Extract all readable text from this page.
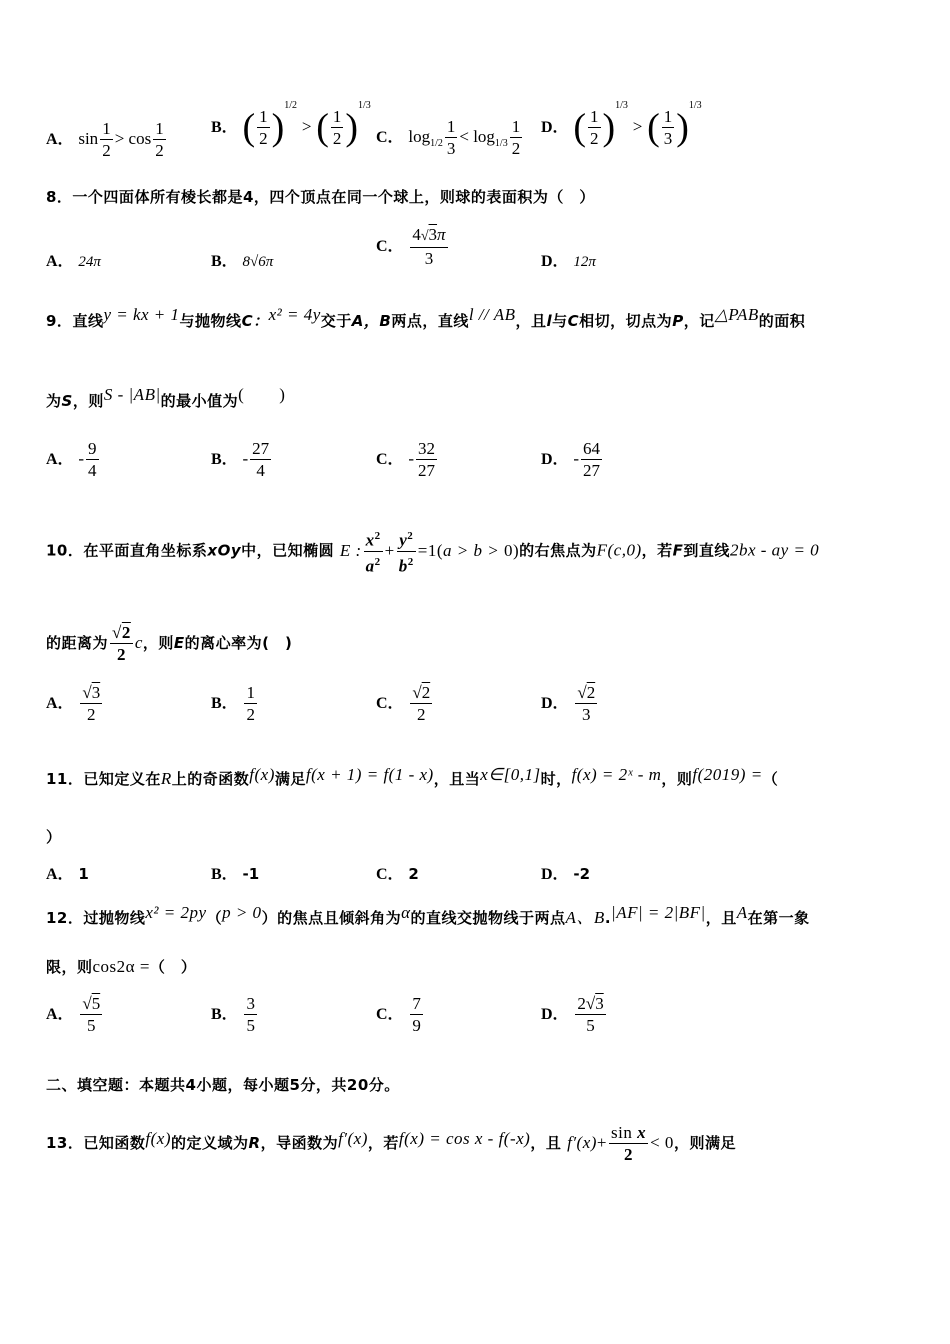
A． $\sin \frac{1}{2} > \cos \frac{1}{2}$	B． ( $\frac{1}{2} )^{1/2}$ > ( $\frac{1}{2} )^{1/3}$
C． $\log_{1/2} \frac{1}{3} < \log_{1/3} \frac{1}{2}$ D． ( $\frac{1}{2} )^{1/3}$ > ( $\frac{1}{3} )^{1/3}$
8．一个四面体所有棱长都是4，四个顶点在同一个球上，则球的表面积为（　）
A． 24π	B． 8√6π
C． $\frac{4√3\pi}{3}$	D． 12π
9．直线y = kx + 1与抛物线C：x² = 4y交于A，B两点，直线l // AB，且l与C相切，切点为P，记△PAB的面积
为S，则S - |AB|的最小值为(　　)
A． - $\frac{9}{4}$	B． - $\frac{27}{4}$	C． - $\frac{32}{27}$	D． - $\frac{64}{27}$
10．在平面直角坐标系xOy中，已知椭圆 E : $\frac{x^2}{a^2} + \frac{y^2}{b^2} =1(a > b > 0)$的右焦点为F(c,0)，若F到直线2bx - ay = 0
的距离为 $\frac{√2}{2}$ c，则E的离心率为(　)
A． $\frac{√3}{2}$	B． $\frac{1}{2}$	C． $\frac{√2}{2}$	D． $\frac{√2}{3}$
11．已知定义在R上的奇函数f(x)满足f(x + 1) = f(1 - x)，且当x∈[0,1]时，f(x) = 2ˣ - m，则f(2019) =（
）
A． 1	B． -1	C． 2	D． -2
12．过抛物线x² = 2py（p > 0）的焦点且倾斜角为α的直线交抛物线于两点A、B.|AF| = 2|BF|，且A在第一象
限，则cos2α =（　）
A． $\frac{√5}{5}$	B． $\frac{3}{5}$	C． $\frac{7}{9}$	D． $\frac{2√3}{5}$
二、填空题：本题共4小题，每小题5分，共20分。
13．已知函数f(x)的定义域为R，导函数为f′(x)，若f(x) = cos x - f(-x)，且 $f'(x)+ \frac{\text{sin x}}{2} < 0$，则满足
